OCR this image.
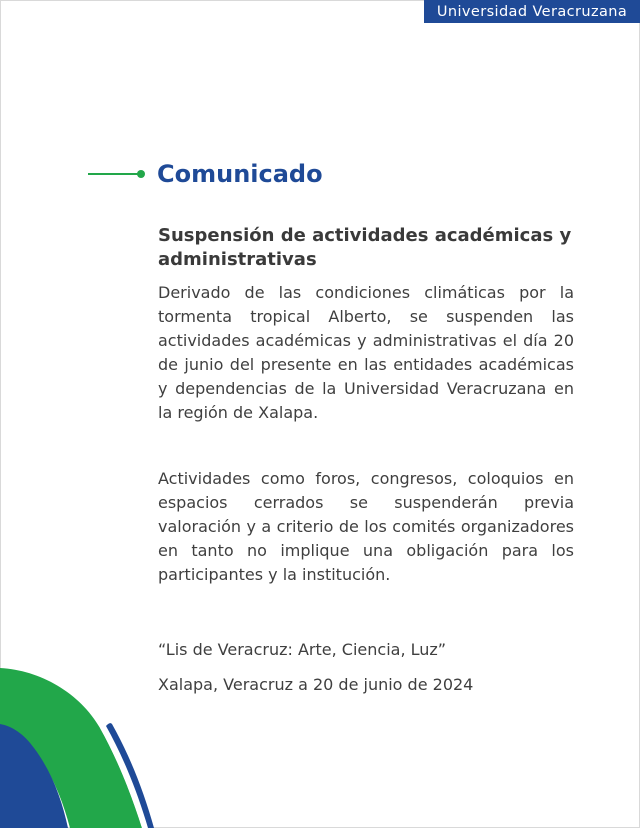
Universidad Veracruzana
Comunicado
Suspensión de actividades académicas y administrativas
Derivado de las condiciones climáticas por la tormenta tropical Alberto, se suspenden las actividades académicas y administrativas el día 20 de junio del presente en las entidades académicas y dependencias de la Universidad Veracruzana en la región de Xalapa.
Actividades como foros, congresos, coloquios en espacios cerrados se suspenderán previa valoración y a criterio de los comités organizadores en tanto no implique una obligación para los participantes y la institución.
“Lis de Veracruz: Arte, Ciencia, Luz”
Xalapa, Veracruz a 20 de junio de 2024
